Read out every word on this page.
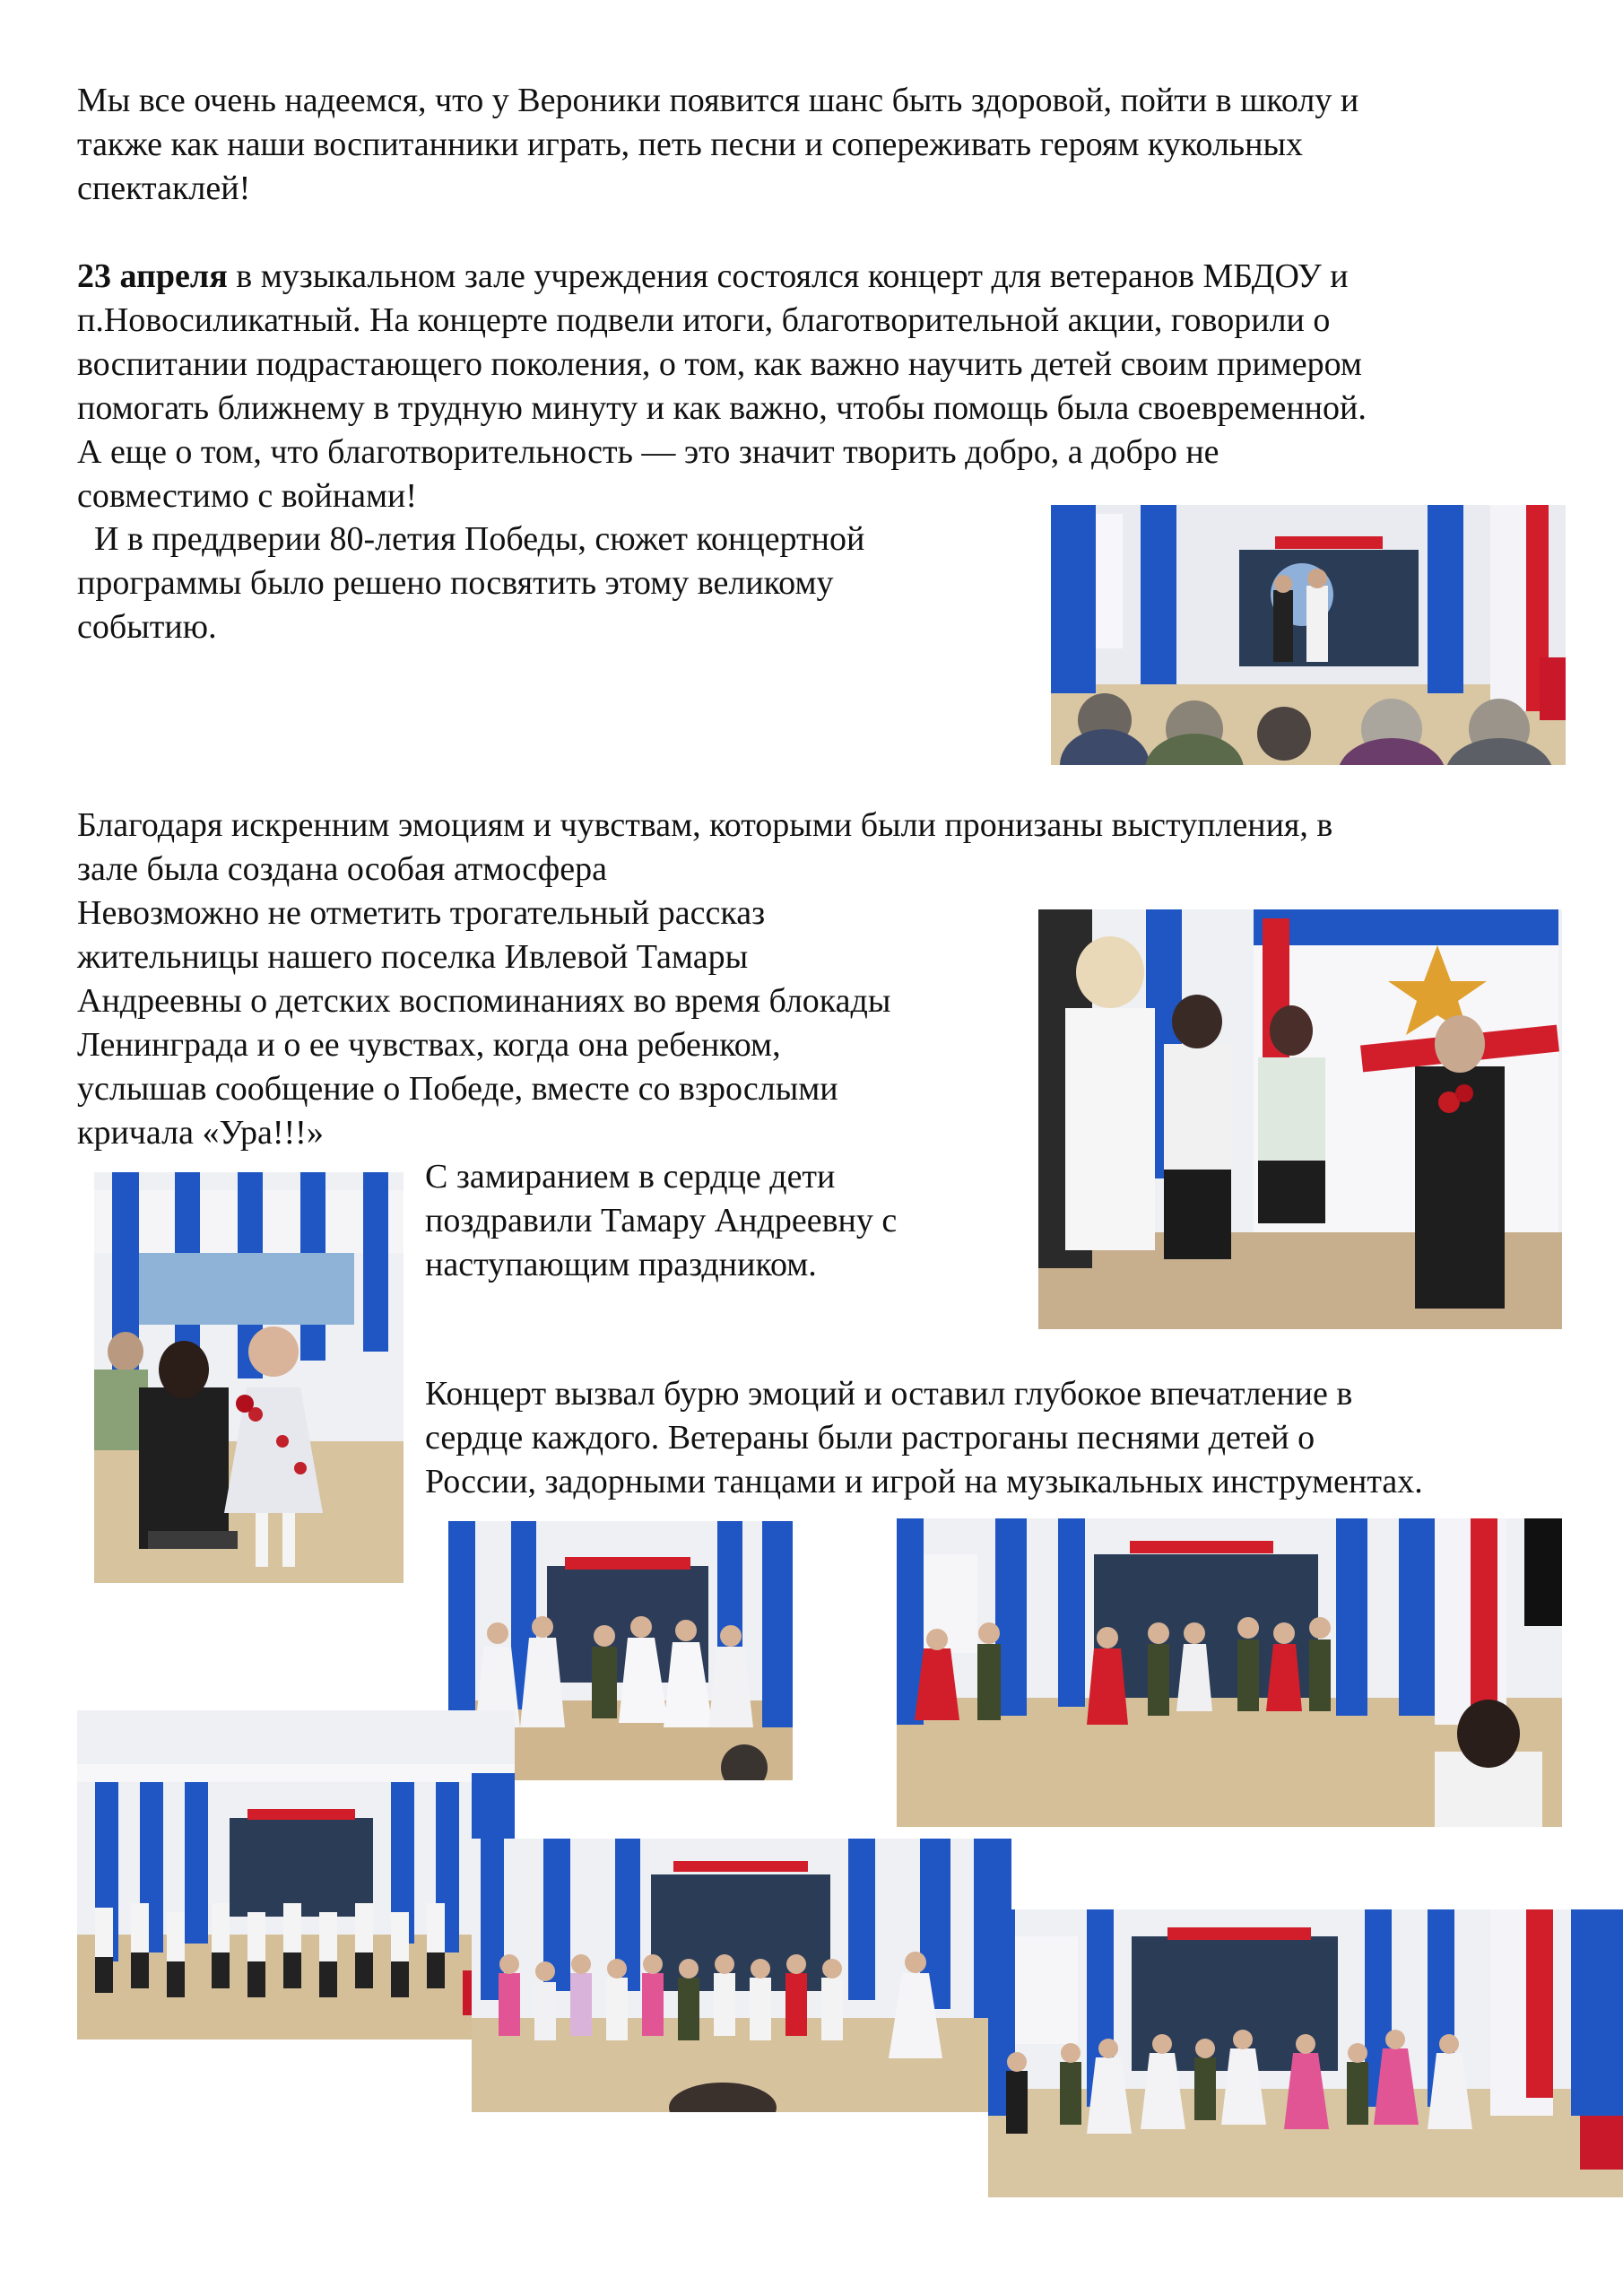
Мы все очень надеемся, что у Вероники появится шанс быть здоровой, пойти в школу и
также как наши воспитанники играть, петь песни и сопереживать героям кукольных
спектаклей!
23 апреля в музыкальном зале учреждения состоялся концерт для ветеранов МБДОУ и
п.Новосиликатный. На концерте подвели итоги, благотворительной акции, говорили о
воспитании подрастающего поколения, о том, как важно научить детей своим примером
помогать ближнему в трудную минуту и как важно, чтобы помощь была своевременной.
А еще о том, что благотворительность — это значит творить добро, а добро не
совместимо с войнами!
И в преддверии 80-летия Победы, сюжет концертной
программы было решено посвятить этому великому
событию.
Благодаря искренним эмоциям и чувствам, которыми были пронизаны выступления, в
зале была создана особая атмосфера
Невозможно не отметить трогательный рассказ
жительницы нашего поселка Ивлевой Тамары
Андреевны о детских воспоминаниях во время блокады
Ленинграда и о ее чувствах, когда она ребенком,
услышав сообщение о Победе, вместе со взрослыми
кричала «Ура!!!»
С замиранием в сердце дети
поздравили Тамару Андреевну с
наступающим праздником.
Концерт вызвал бурю эмоций и оставил глубокое впечатление в
сердце каждого. Ветераны были растроганы песнями детей о
России, задорными танцами и игрой на музыкальных инструментах.
